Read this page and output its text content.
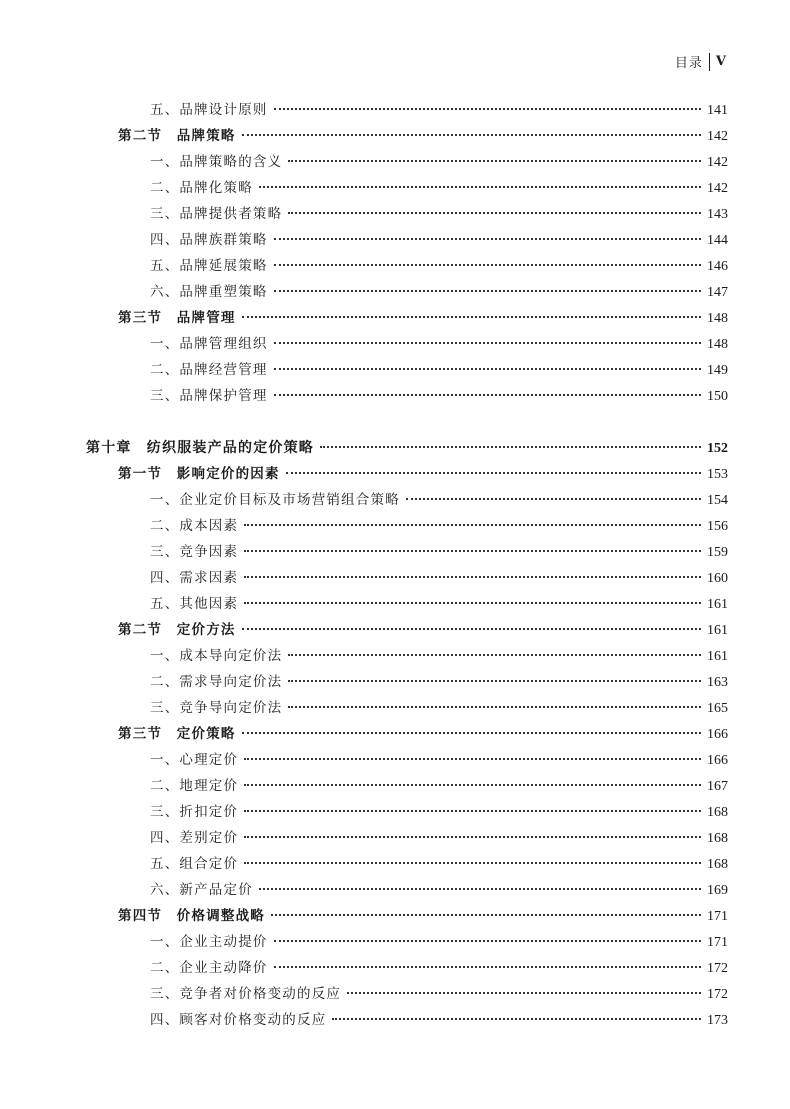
目录 V
五、品牌设计原则	141
第二节　品牌策略	142
一、品牌策略的含义	142
二、品牌化策略	142
三、品牌提供者策略	143
四、品牌族群策略	144
五、品牌延展策略	146
六、品牌重塑策略	147
第三节　品牌管理	148
一、品牌管理组织	148
二、品牌经营管理	149
三、品牌保护管理	150
第十章　纺织服装产品的定价策略	152
第一节　影响定价的因素	153
一、企业定价目标及市场营销组合策略	154
二、成本因素	156
三、竞争因素	159
四、需求因素	160
五、其他因素	161
第二节　定价方法	161
一、成本导向定价法	161
二、需求导向定价法	163
三、竞争导向定价法	165
第三节　定价策略	166
一、心理定价	166
二、地理定价	167
三、折扣定价	168
四、差别定价	168
五、组合定价	168
六、新产品定价	169
第四节　价格调整战略	171
一、企业主动提价	171
二、企业主动降价	172
三、竞争者对价格变动的反应	172
四、顾客对价格变动的反应	173
